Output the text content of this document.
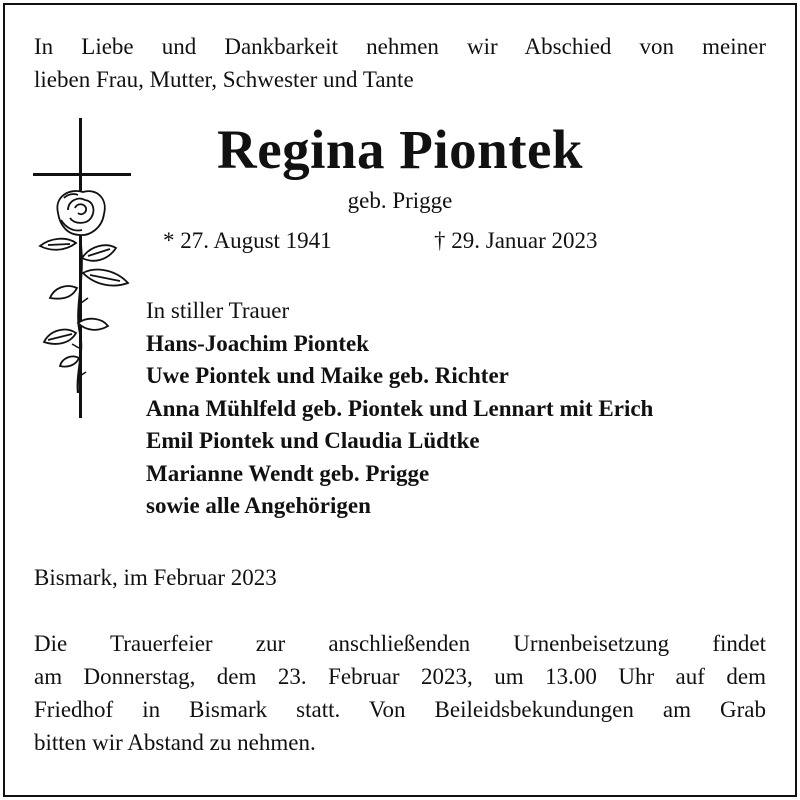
In Liebe und Dankbarkeit nehmen wir Abschied von meiner
lieben Frau, Mutter, Schwester und Tante
Regina Piontek
geb. Prigge
* 27. August 1941	† 29. Januar 2023
In stiller Trauer
Hans-Joachim Piontek
Uwe Piontek und Maike geb. Richter
Anna Mühlfeld geb. Piontek und Lennart mit Erich
Emil Piontek und Claudia Lüdtke
Marianne Wendt geb. Prigge
sowie alle Angehörigen
Bismark, im Februar 2023
Die Trauerfeier zur anschließenden Urnenbeisetzung findet
am Donnerstag, dem 23. Februar 2023, um 13.00 Uhr auf dem
Friedhof in Bismark statt. Von Beileidsbekundungen am Grab
bitten wir Abstand zu nehmen.
